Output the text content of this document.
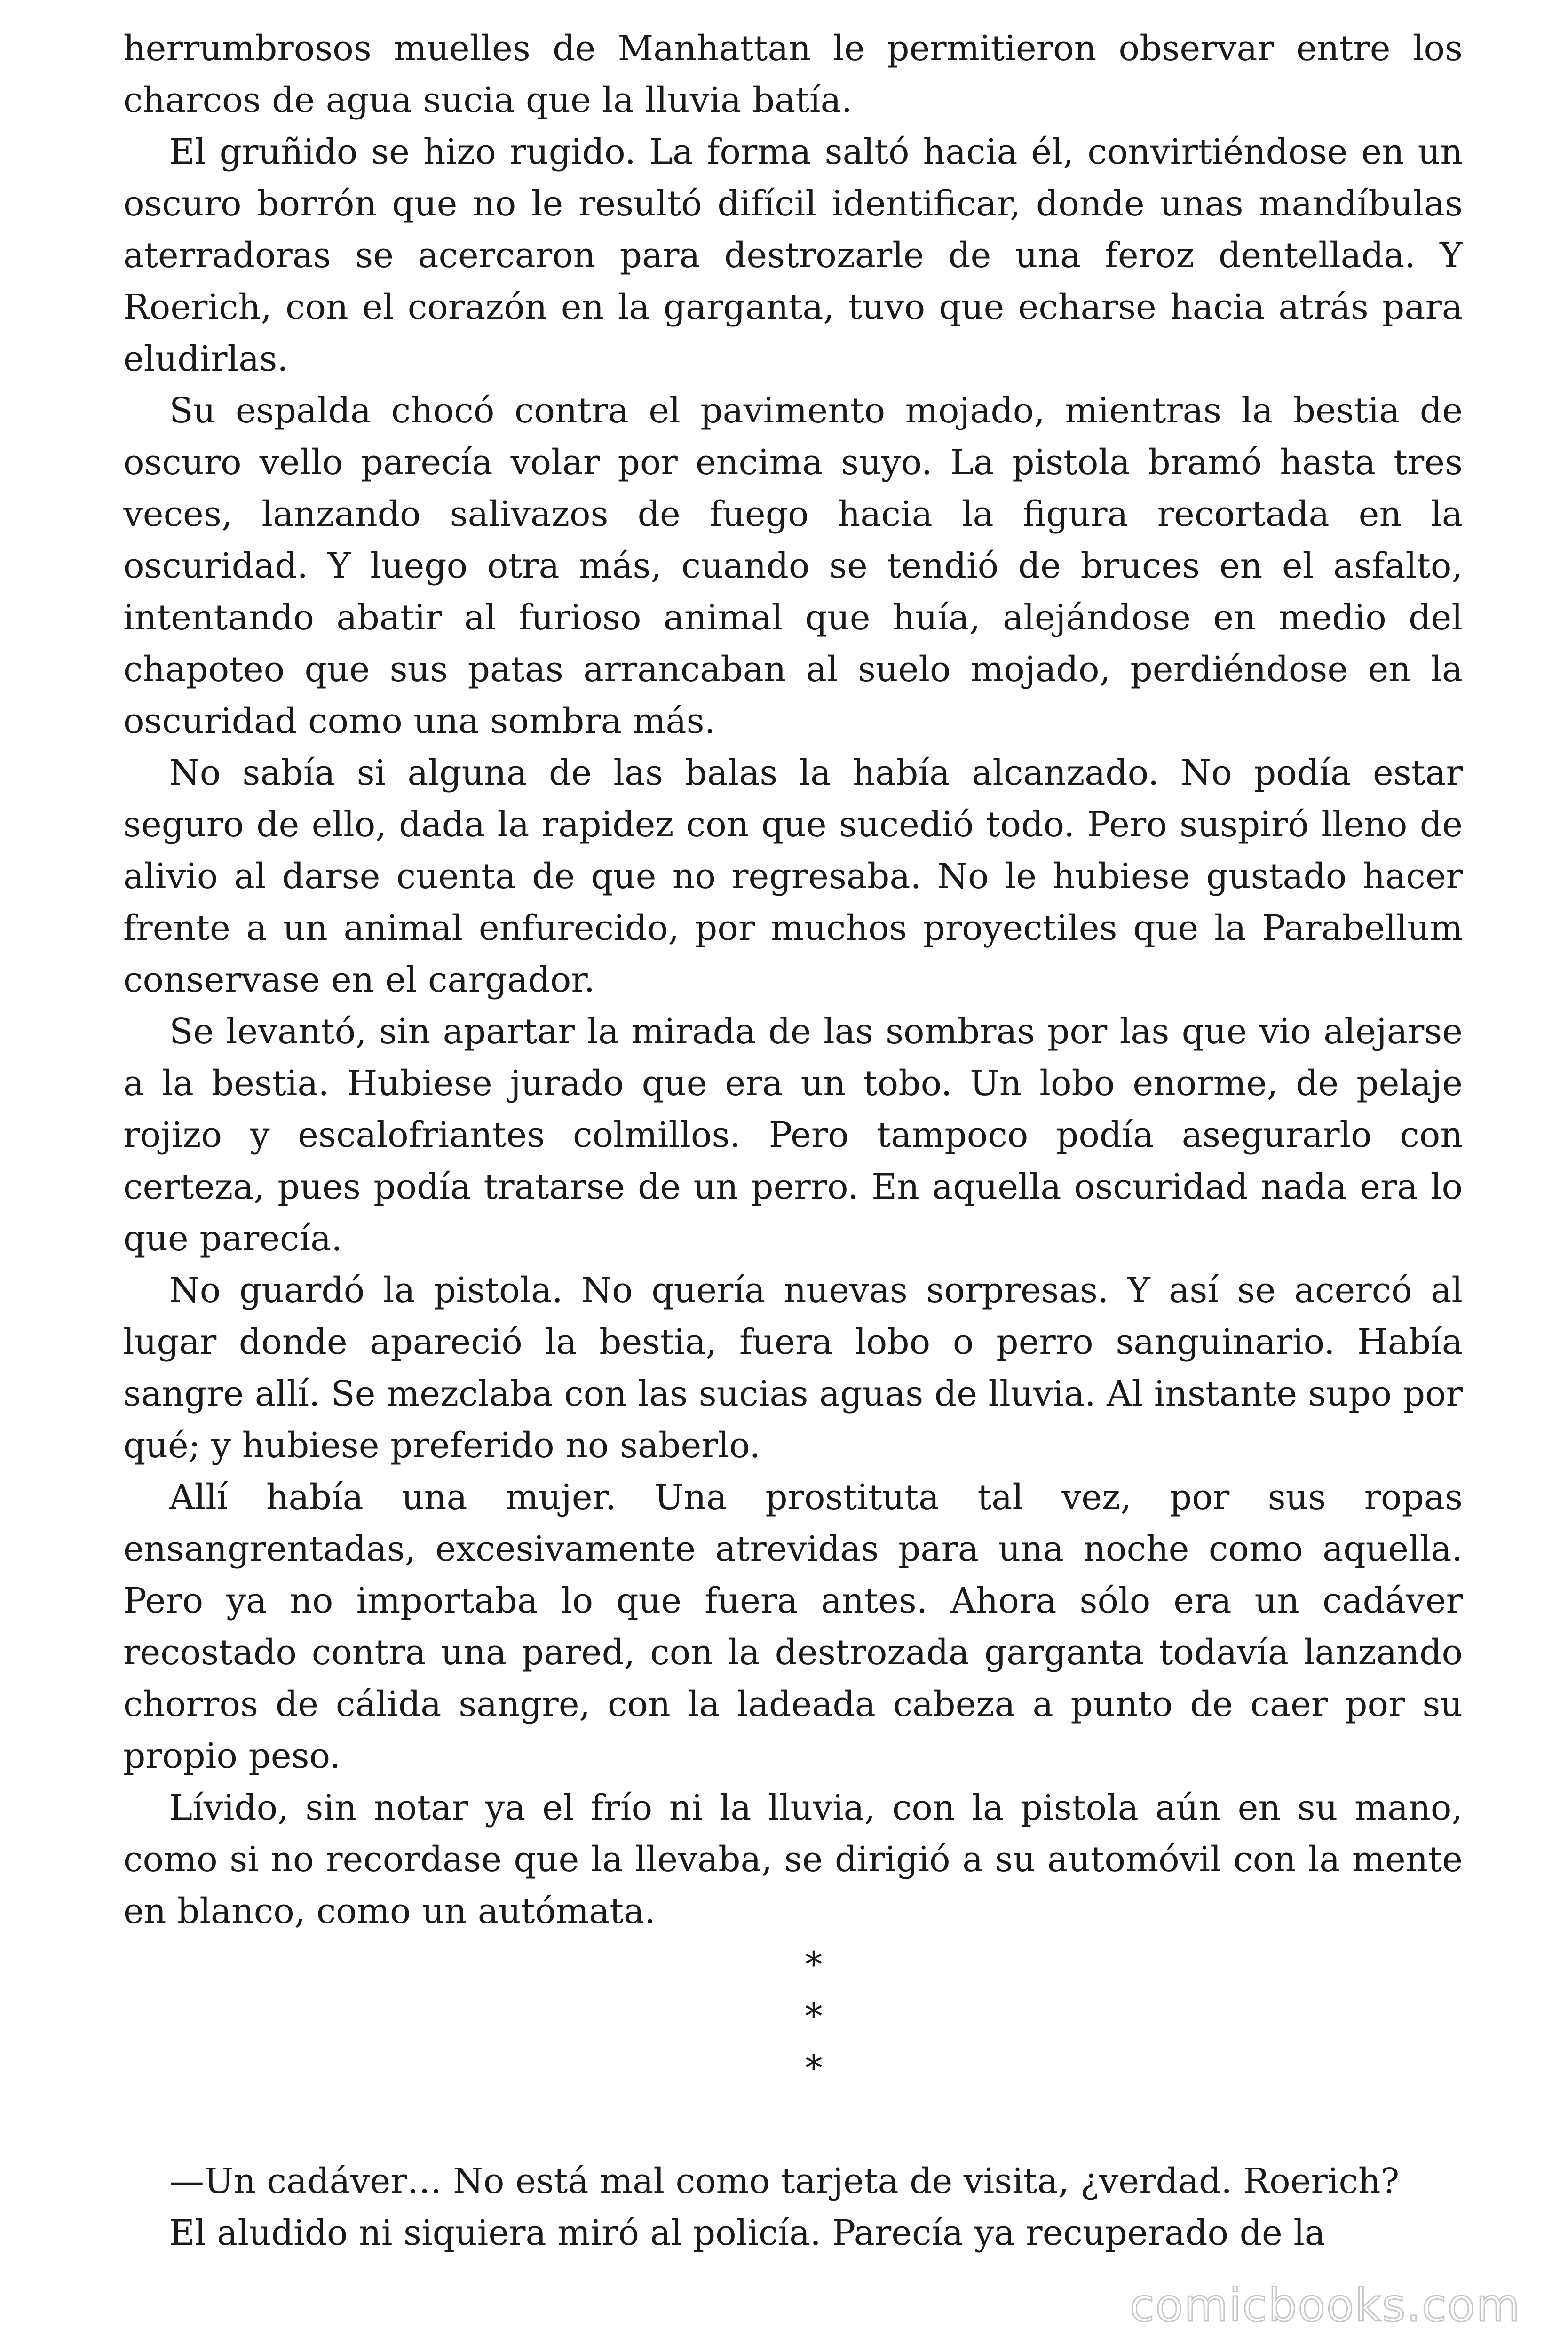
herrumbrosos muelles de Manhattan le permitieron observar entre los charcos de agua sucia que la lluvia batía.

El gruñido se hizo rugido. La forma saltó hacia él, convirtiéndose en un oscuro borrón que no le resultó difícil identificar, donde unas mandíbulas aterradoras se acercaron para destrozarle de una feroz dentellada. Y Roerich, con el corazón en la garganta, tuvo que echarse hacia atrás para eludirlas.

Su espalda chocó contra el pavimento mojado, mientras la bestia de oscuro vello parecía volar por encima suyo. La pistola bramó hasta tres veces, lanzando salivazos de fuego hacia la figura recortada en la oscuridad. Y luego otra más, cuando se tendió de bruces en el asfalto, intentando abatir al furioso animal que huía, alejándose en medio del chapoteo que sus patas arrancaban al suelo mojado, perdiéndose en la oscuridad como una sombra más.

No sabía si alguna de las balas la había alcanzado. No podía estar seguro de ello, dada la rapidez con que sucedió todo. Pero suspiró lleno de alivio al darse cuenta de que no regresaba. No le hubiese gustado hacer frente a un animal enfurecido, por muchos proyectiles que la Parabellum conservase en el cargador.

Se levantó, sin apartar la mirada de las sombras por las que vio alejarse a la bestia. Hubiese jurado que era un tobo. Un lobo enorme, de pelaje rojizo y escalofriantes colmillos. Pero tampoco podía asegurarlo con certeza, pues podía tratarse de un perro. En aquella oscuridad nada era lo que parecía.

No guardó la pistola. No quería nuevas sorpresas. Y así se acercó al lugar donde apareció la bestia, fuera lobo o perro sanguinario. Había sangre allí. Se mezclaba con las sucias aguas de lluvia. Al instante supo por qué; y hubiese preferido no saberlo.

Allí había una mujer. Una prostituta tal vez, por sus ropas ensangrentadas, excesivamente atrevidas para una noche como aquella. Pero ya no importaba lo que fuera antes. Ahora sólo era un cadáver recostado contra una pared, con la destrozada garganta todavía lanzando chorros de cálida sangre, con la ladeada cabeza a punto de caer por su propio peso.

Lívido, sin notar ya el frío ni la lluvia, con la pistola aún en su mano, como si no recordase que la llevaba, se dirigió a su automóvil con la mente en blanco, como un autómata.

*
*
*

—Un cadáver… No está mal como tarjeta de visita, ¿verdad. Roerich?

El aludido ni siquiera miró al policía. Parecía ya recuperado de la

comicbooks.com
